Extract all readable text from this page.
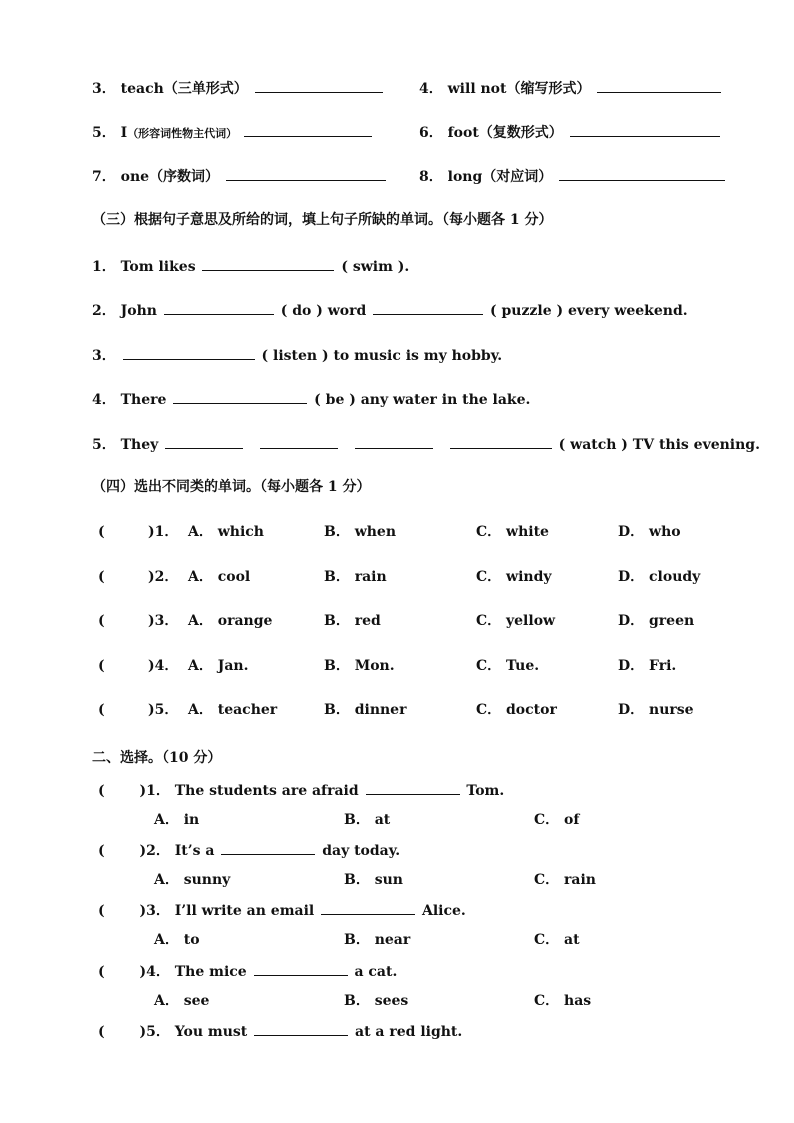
3． teach（三单形式）	4． will not（缩写形式）
5． I（形容词性物主代词）	6． foot（复数形式）
7． one（序数词）	8． long（对应词）
（三）根据句子意思及所给的词，填上句子所缺的单词。（每小题各 1 分）
1． Tom likes	( swim ).
2． John	( do ) word	( puzzle ) every weekend.
3．	( listen ) to music is my hobby.
4． There	( be ) any water in the lake.
5． They	( watch ) TV this evening.
（四）选出不同类的单词。（每小题各 1 分）
(	)1． A． which	B． when	C． white	D． who
(	)2． A． cool	B． rain	C． windy	D． cloudy
(	)3． A． orange	B． red	C． yellow	D． green
(	)4． A． Jan.	B． Mon.	C． Tue.	D． Fri.
(	)5． A． teacher	B． dinner	C． doctor	D． nurse
二、选择。（10 分）
( )1． The students are afraid	Tom.
A． in	B． at	C． of
( )2． It’s a	day today.
A． sunny	B． sun	C． rain
( )3． I’ll write an email	Alice.
A． to	B． near	C． at
( )4． The mice	a cat.
A． see	B． sees	C． has
( )5． You must	at a red light.
